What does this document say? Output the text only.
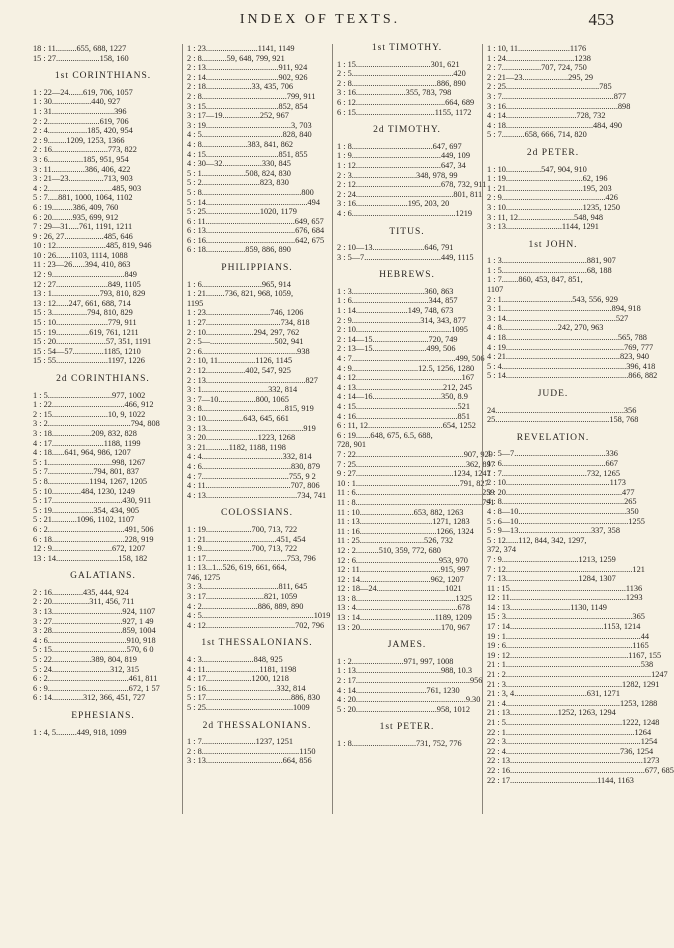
INDEX OF TEXTS.	453
18 : 11..........655, 688, 1227
15 : 27.....................158, 160
1st CORINTHIANS.
1 : 22—24.......619, 706, 1057
1 : 30...................440, 927
1 : 31..............................396
2 : 2.........................619, 706
2 : 4...................185, 420, 954
2 : 9.........1209, 1253, 1366
2 : 16...........................773, 822
3 : 6.................185, 951, 954
3 : 11................386, 406, 422
3 : 21—23.................713, 903
4 : 2...............................485, 903
5 : 7.....881, 1000, 1064, 1102
6 : 19..........386, 409, 760
6 : 20..........935, 699, 912
7 : 29—31.....761, 1191, 1211
9 : 26, 27...................485, 646
10 : 12........................485, 819, 946
10 : 26.......1103, 1114, 1088
11 : 23—26......394, 410, 863
12 : 9...................................849
12 : 27.........................849, 1105
13 : 1.......................793, 810, 829
13 : 12......247, 661, 688, 714
15 : 3.................794, 810, 829
15 : 10.........................779, 911
15 : 19................619, 761, 1211
15 : 20........................57, 351, 1191
15 : 54—57...............1185, 1210
15 : 55.........................1197, 1226
2d CORINTHIANS.
1 : 5...............................977, 1002
1 : 22...................................466, 912
2 : 15...........................10, 9, 1022
3 : 2........................................794, 808
3 : 18...................209, 832, 828
4 : 17.........................1188, 1199
4 : 18......641, 964, 986, 1207
5 : 1...............................998, 1267
5 : 7......................794, 801, 837
5 : 8....................1194, 1267, 1205
5 : 10..............484, 1230, 1249
5 : 17..................................430, 911
5 : 19....................354, 434, 905
5 : 21............1096, 1102, 1107
6 : 2.....................................491, 506
6 : 18...................................228, 919
12 : 9.............................672, 1207
13 : 14..............................158, 182
GALATIANS.
2 : 16...............435, 444, 924
2 : 20..................311, 456, 711
3 : 13..................................924, 1107
3 : 27..................................927, 1 49
3 : 28..................................859, 1004
4 : 6......................................910, 918
5 : 15....................................570, 6 0
5 : 22...................389, 804, 819
5 : 24............................312, 315
6 : 2.......................................461, 811
6 : 9.......................................672, 1 57
6 : 14...............312, 366, 451, 727
EPHESIANS.
1 : 4, 5..........449, 918, 1099
1 : 23.........................1141, 1149
2 : 8............59, 648, 799, 921
2 : 13...................................911, 924
2 : 14...................................902, 926
2 : 18......................33, 435, 706
2 : 8.........................................799, 911
3 : 15...................................852, 854
3 : 17—19..................252, 967
3 : 19.........................................3, 703
4 : 5.......................................828, 840
4 : 8......................383, 841, 862
4 : 15...................................851, 855
4 : 30—32...................330, 845
5 : 1.....................508, 824, 830
5 : 2............................823, 830
5 : 8................................................800
5 : 14.................................................494
5 : 25..........................1020, 1179
6 : 11...........................................649, 657
6 : 13...........................................676, 684
6 : 16...........................................642, 675
6 : 18...................859, 886, 890
PHILIPPIANS.
1 : 6.............................965, 914
1 : 21.........736, 821, 968, 1059,
1195
1 : 23...............................746, 1206
1 : 27....................................734, 818
2 : 10.......................294, 297, 762
2 : 5—...............................502, 941
2 : 6..............................................938
2 : 10, 11..................1126, 1145
2 : 12...................402, 547, 925
2 : 13................................................827
3 : 1................................332, 814
3 : 7—10..................800, 1065
3 : 8........................................815, 919
3 : 10..................643, 645, 661
3 : 13...............................................919
3 : 20.........................1223, 1268
3 : 21...........1182, 1188, 1198
4 : 4.......................................332, 814
4 : 6...........................................830, 879
4 : 7..........................................755, 9 2
4 : 11.........................................707, 806
4 : 13............................................734, 741
COLOSSIANS.
1 : 19......................700, 713, 722
1 : 21..................................451, 454
1 : 9........................700, 713, 722
1 : 17.......................................753, 796
1 : 13...1...526, 619, 661, 664,
746, 1275
3 : 3.....................................811, 645
3 : 17............................821, 1059
4 : 2...........................886, 889, 890
4 : 5......................................................1019
4 : 12...........................................702, 796
1st THESSALONIANS.
4 : 3.........................848, 925
4 : 11..........................1181, 1198
4 : 17......................1200, 1218
5 : 16..................................332, 814
5 : 17.........................................886, 830
5 : 25..........................................1009
2d THESSALONIANS.
1 : 7..........................1237, 1251
2 : 8...............................................1150
3 : 13.....................................664, 856
1st TIMOTHY.
1 : 15....................................301, 621
2 : 5.................................................420
2 : 8.........................................886, 890
3 : 16........................355, 783, 798
6 : 12...........................................664, 689
6 : 15......................................1155, 1172
2d TIMOTHY.
1 : 8.......................................647, 697
1 : 9...........................................449, 109
1 : 12.........................................647, 34
2 : 3...............................348, 978, 99
2 : 12.........................................678, 732, 911
2 : 24...............................................801, 811
3 : 16.........................195, 203, 20
4 : 6..................................................1219
TITUS.
2 : 10—13.........................646, 791
3 : 5—7.....................................449, 1115
HEBREWS.
1 : 3...................................360, 863
1 : 6.....................................344, 857
1 : 14.........................149, 748, 673
2 : 9.................................314, 343, 877
2 : 10..............................................1095
2 : 14—15...........................720, 749
2 : 13—15..........................499, 506
4 : 7..................................................499, 506
4 : 9................................12.5, 1256, 1280
4 : 12...................................................167
4 : 13..........................................212, 245
4 : 14—16.................................350, 8.9
4 : 15.................................................521
4 : 16.................................................851
6 : 11, 12....................................654, 1252
6 : 19.......648, 675, 6.5, 688,
728, 901
7 : 22....................................................907, 929
7 : 25.....................................................362, 897
9 : 27...............................................1234, 1247
10 : 1..................................................791, 827
11 : 6.............................................................259
11 : 8.............................................................791
11 : 10..........................653, 882, 1263
11 : 13...................................1271, 1283
11 : 16.....................................1266, 1324
11 : 25...............................526, 732
12 : 2...........510, 359, 772, 680
12 : 6........................................953, 970
12 : 11.......................................915, 997
12 : 14..................................962, 1207
12 : 18—24.................................1021
13 : 8................................................1325
13 : 4.................................................678
13 : 14....................................1189, 1209
13 : 20.......................................170, 967
JAMES.
1 : 2.........................971, 997, 1008
1 : 13.........................................988, 10.3
2 : 17.......................................................956
4 : 14..................................761, 1230
4 : 20.....................................................9.30
5 : 20.......................................958, 1012
1st PETER.
1 : 8...............................731, 752, 776
1 : 10, 11.........................1176
1 : 24.................................1238
2 : 7...................707, 724, 750
2 : 21—23......................295, 29
2 : 25.............................................785
3 : 7......................................................877
3 : 16......................................................898
4 : 14..................................728, 732
4 : 18..........................................484, 490
5 : 7...........658, 666, 714, 820
2d PETER.
1 : 10.................547, 904, 910
1 : 19.....................................62, 196
1 : 21.....................................195, 203
2 : 9..................................................426
3 : 10.....................................1235, 1250
3 : 11, 12...........................548, 948
3 : 13...........................1144, 1291
1st JOHN.
1 : 3.........................................881, 907
1 : 5.........................................68, 188
1 : 7........860, 453, 847, 851,
1107
2 : 1..................................543, 556, 929
3 : 1.....................................................894, 918
3 : 14.....................................................527
4 : 8...........................242, 270, 963
4 : 18......................................................565, 788
4 : 19.........................................................769, 777
4 : 21.......................................................823, 940
5 : 4............................................................396, 418
5 : 14...........................................................866, 882
JUDE.
24..............................................................356
25.......................................................158, 768
REVELATION.
1 : 5—7............................................336
1 : 6..................................................667
1 : 7.........................................732, 1265
2 : 10..................................................1173
3 : 20........................................................477
4 : 8...........................................................265
4 : 8—10....................................................350
5 : 6—10.....................................................1255
5 : 9—13...................................337, 358
5 : 12......112, 844, 342, 1297,
372, 374
7 : 9.....................................1213, 1259
7 : 12.............................................................121
7 : 13...................................1284, 1307
11 : 15........................................................1136
12 : 11........................................................1293
14 : 13.............................1130, 1149
15 : 3.............................................................365
17 : 14.............................................1153, 1214
19 : 1.................................................................44
19 : 6.............................................................1165
19 : 12.........................................................1167, 155
21 : 1.................................................................538
21 : 2......................................................................1247
21 : 3........................................................1282, 1291
21 : 3, 4...................................631, 1271
21 : 4.......................................................1253, 1288
21 : 13.......................1252, 1263, 1294
21 : 5........................................................1222, 1248
22 : 1..............................................................1264
22 : 3.................................................................1254
22 : 4.......................................................736, 1254
22 : 13................................................................1273
22 : 16.................................................................677, 685
22 : 17..........................................1144, 1163
